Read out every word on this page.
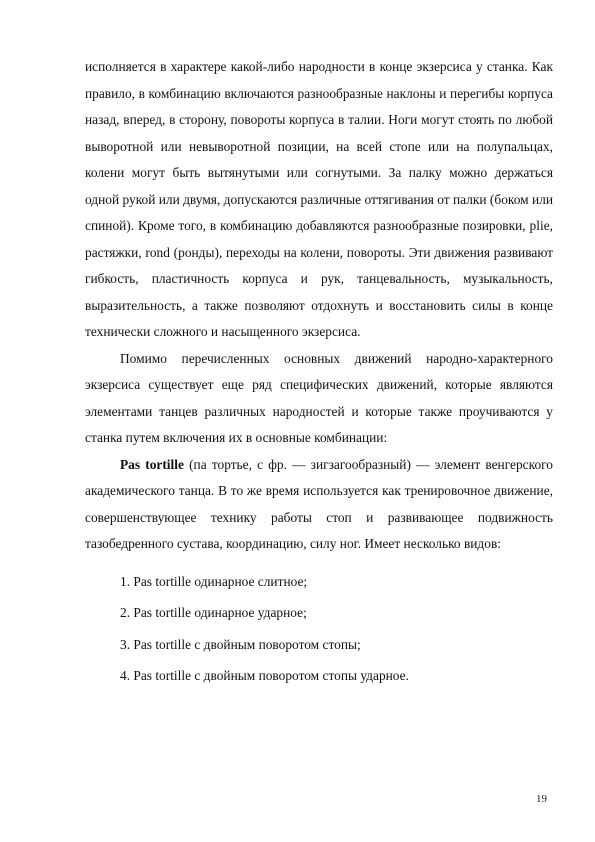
исполняется в характере какой-либо народности в конце экзерсиса у станка. Как правило, в комбинацию включаются разнообразные наклоны и перегибы корпуса назад, вперед, в сторону, повороты корпуса в талии. Ноги могут стоять по любой выворотной или невыворотной позиции, на всей стопе или на полупальцах, колени могут быть вытянутыми или согнутыми. За палку можно держаться одной рукой или двумя, допускаются различные оттягивания от палки (боком или спиной). Кроме того, в комбинацию добавляются разнообразные позировки, plie, растяжки, rond (ронды), переходы на колени, повороты. Эти движения развивают гибкость, пластичность корпуса и рук, танцевальность, музыкальность, выразительность, а также позволяют отдохнуть и восстановить силы в конце технически сложного и насыщенного экзерсиса.

Помимо перечисленных основных движений народно-характерного экзерсиса существует еще ряд специфических движений, которые являются элементами танцев различных народностей и которые также проучиваются у станка путем включения их в основные комбинации:

Pas tortille (па тортье, с фр. — зигзагообразный) — элемент венгерского академического танца. В то же время используется как тренировочное движение, совершенствующее технику работы стоп и развивающее подвижность тазобедренного сустава, координацию, силу ног. Имеет несколько видов:

1. Pas tortille одинарное слитное;
2. Pas tortille одинарное ударное;
3. Pas tortille с двойным поворотом стопы;
4. Pas tortille с двойным поворотом стопы ударное.
19
